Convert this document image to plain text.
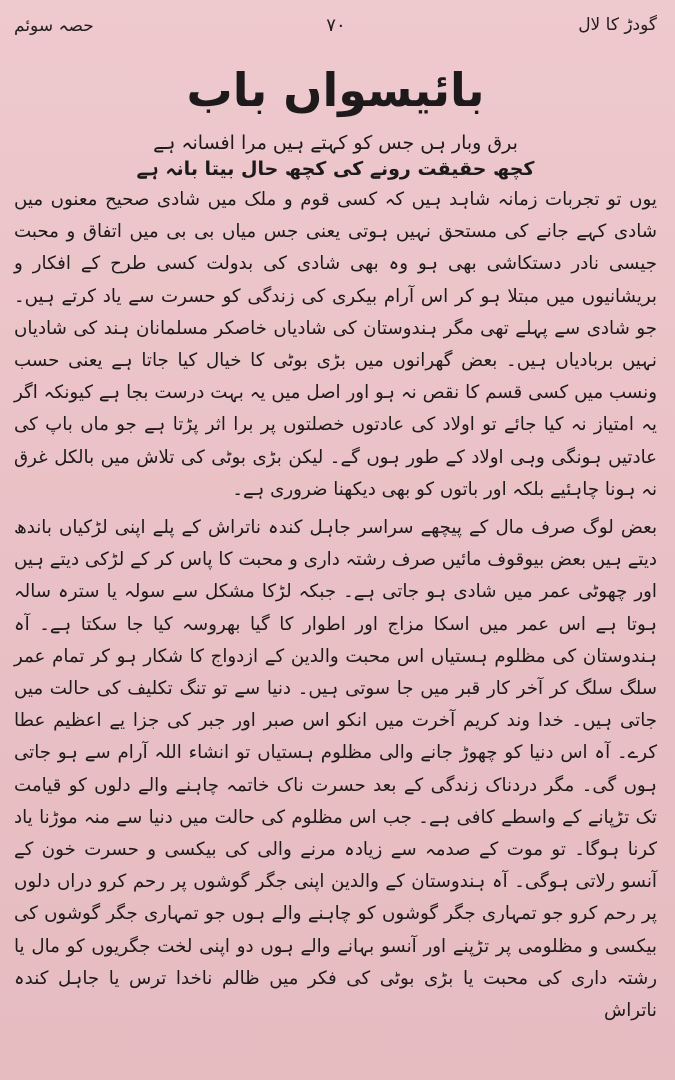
گودڑ کا لال
۷۰
حصہ سوئم
بائیسواں باب
برق وبار ہں جس کو کہتے ہیں مرا افسانہ ہے
کچھ حقیقت رونے کی کچھ حال بیتا بانہ ہے

یوں تو تجربات زمانہ شاہد ہیں کہ کسی قوم و ملک میں شادی صحیح معنوں میں شادی کہے جانے کی مستحق نہیں ہوتی یعنی جس میاں بی بی میں اتفاق و محبت جیسی نادر دستکاشی بھی ہو وہ بھی شادی کی بدولت کسی طرح کے افکار و بریشانیوں میں مبتلا ہو کر اس آرام بیکری کی زندگی کو حسرت سے یاد کرتے ہیں۔ جو شادی سے پہلے تھی مگر ہندوستان کی شادیاں خاصکر مسلمانان ہند کی شادیاں نہیں بربادیاں ہیں۔ بعض گھرانوں میں بڑی بوٹی کا خیال کیا جاتا ہے یعنی حسب ونسب میں کسی قسم کا نقص نہ ہو اور اصل میں یہ بہت درست بجا ہے کیونکہ اگر یہ امتیاز نہ کیا جائے تو اولاد کی عادتوں خصلتوں پر برا اثر پڑتا ہے جو ماں باپ کی عادتیں ہونگی وہی اولاد کے طور ہوں گے۔ لیکن بڑی بوٹی کی تلاش میں بالکل غرق نہ ہونا چاہئیے بلکہ اور باتوں کو بھی دیکھنا ضروری ہے۔

بعض لوگ صرف مال کے پیچھے سراسر جاہل کندہ ناتراش کے پلے اپنی لڑکیاں باندھ دیتے ہیں بعض بیوقوف مائیں صرف رشتہ داری و محبت کا پاس کر کے لڑکی دیتے ہیں اور چھوٹی عمر میں شادی ہو جاتی ہے۔ جبکہ لڑکا مشکل سے سولہ یا سترہ سالہ ہوتا ہے اس عمر میں اسکا مزاج اور اطوار کا گیا بھروسہ کیا جا سکتا ہے۔ آہ ہندوستان کی مظلوم ہستیاں اس محبت والدین کے ازدواج کا شکار ہو کر تمام عمر سلگ سلگ کر آخر کار قبر میں جا سوتی ہیں۔ دنیا سے تو تنگ تکلیف کی حالت میں جاتی ہیں۔ خدا وند کریم آخرت میں انکو اس صبر اور جبر کی جزا یے اعظیم عطا کرے۔ آہ اس دنیا کو چھوڑ جانے والی مظلوم ہستیاں تو انشاء اللہ آرام سے ہو جاتی ہوں گی۔ مگر دردناک زندگی کے بعد حسرت ناک خاتمہ چاہنے والے دلوں کو قیامت تک تڑپانے کے واسطے کافی ہے۔ جب اس مظلوم کی حالت میں دنیا سے منہ موڑنا یاد کرنا ہوگا۔ تو موت کے صدمہ سے زیادہ مرنے والی کی بیکسی و حسرت خون کے آنسو رلاتی ہوگی۔ آہ ہندوستان کے والدین اپنی جگر گوشوں پر رحم کرو دراں دلوں پر رحم کرو جو تمہاری جگر گوشوں کو چاہنے والے ہوں جو تمہاری جگر گوشوں کی بیکسی و مظلومی پر تڑپنے اور آنسو بہانے والے ہوں دو اپنی لخت جگریوں کو مال یا رشتہ داری کی محبت یا بڑی بوٹی کی فکر میں ظالم ناخدا ترس یا جاہل کندہ ناتراش
